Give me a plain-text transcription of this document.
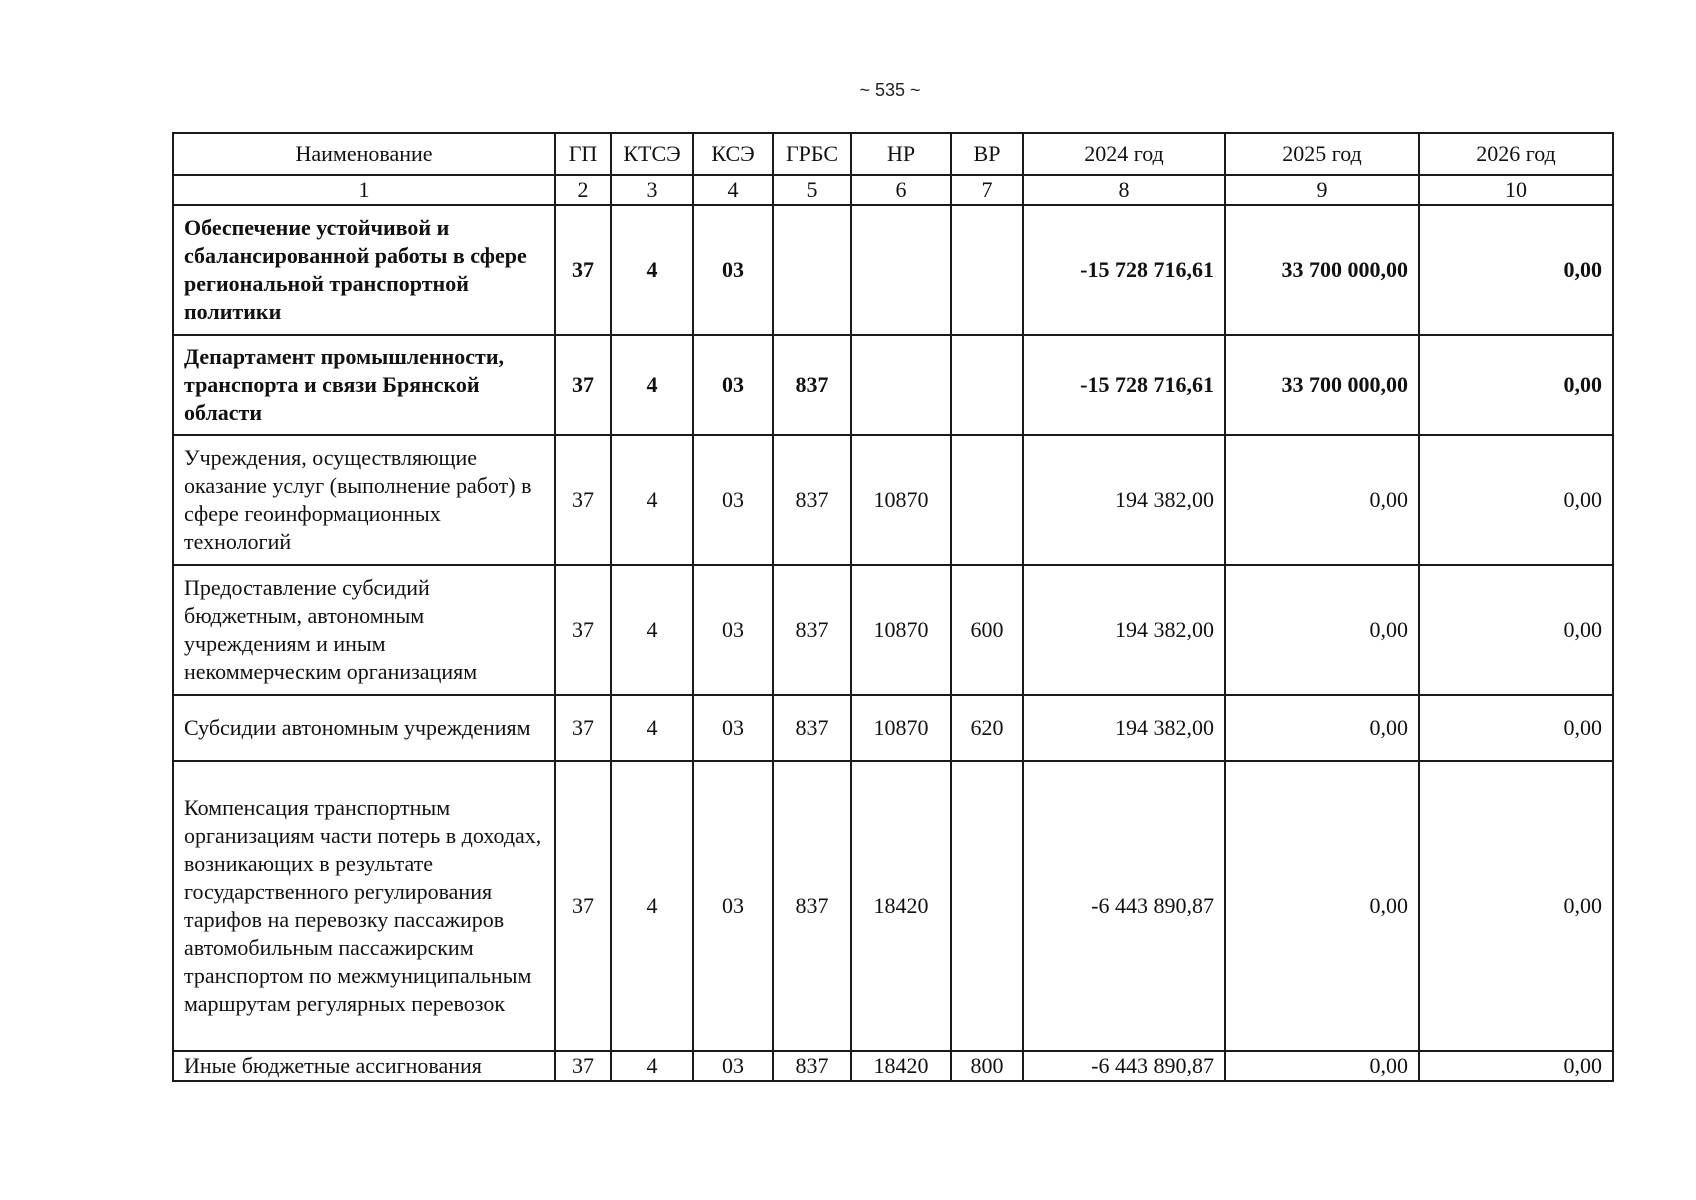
~ 535 ~
Наименование	ГП	КТСЭ	КСЭ	ГРБС	НР	ВР	2024 год	2025 год	2026 год
1	2	3	4	5	6	7	8	9	10
Обеспечение устойчивой и сбалансированной работы в сфере региональной транспортной политики	37	4	03				-15 728 716,61	33 700 000,00	0,00
Департамент промышленности, транспорта и связи Брянской области	37	4	03	837			-15 728 716,61	33 700 000,00	0,00
Учреждения, осуществляющие оказание услуг (выполнение работ) в сфере геоинформационных технологий	37	4	03	837	10870		194 382,00	0,00	0,00
Предоставление субсидий бюджетным, автономным учреждениям и иным некоммерческим организациям	37	4	03	837	10870	600	194 382,00	0,00	0,00
Субсидии автономным учреждениям	37	4	03	837	10870	620	194 382,00	0,00	0,00
Компенсация транспортным организациям части потерь в доходах, возникающих в результате государственного регулирования тарифов на перевозку пассажиров автомобильным пассажирским транспортом по межмуниципальным маршрутам регулярных перевозок	37	4	03	837	18420		-6 443 890,87	0,00	0,00
Иные бюджетные ассигнования	37	4	03	837	18420	800	-6 443 890,87	0,00	0,00
